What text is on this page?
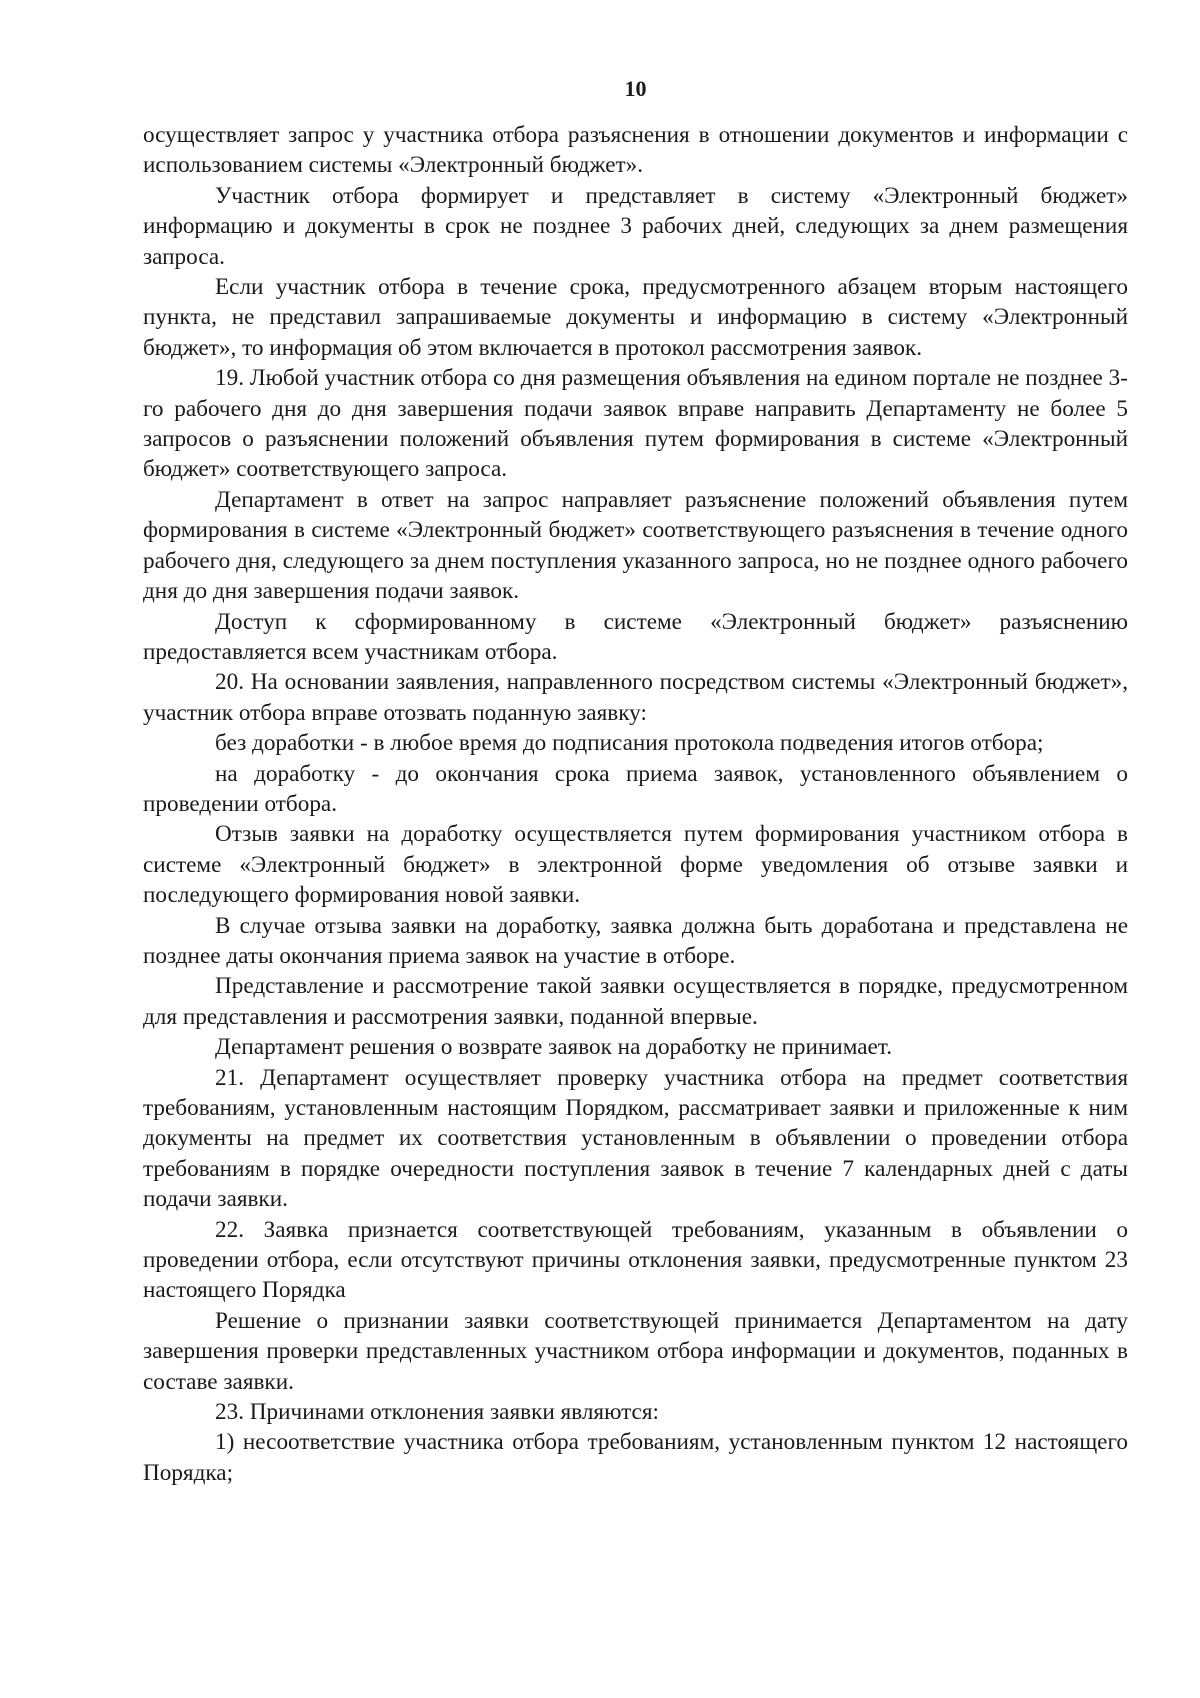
10

осуществляет запрос у участника отбора разъяснения в отношении документов и информации с использованием системы «Электронный бюджет».

Участник отбора формирует и представляет в систему «Электронный бюджет» информацию и документы в срок не позднее 3 рабочих дней, следующих за днем размещения запроса.

Если участник отбора в течение срока, предусмотренного абзацем вторым настоящего пункта, не представил запрашиваемые документы и информацию в систему «Электронный бюджет», то информация об этом включается в протокол рассмотрения заявок.

19. Любой участник отбора со дня размещения объявления на едином портале не позднее 3-го рабочего дня до дня завершения подачи заявок вправе направить Департаменту не более 5 запросов о разъяснении положений объявления путем формирования в системе «Электронный бюджет» соответствующего запроса.

Департамент в ответ на запрос направляет разъяснение положений объявления путем формирования в системе «Электронный бюджет» соответствующего разъяснения в течение одного рабочего дня, следующего за днем поступления указанного запроса, но не позднее одного рабочего дня до дня завершения подачи заявок.

Доступ к сформированному в системе «Электронный бюджет» разъяснению предоставляется всем участникам отбора.

20. На основании заявления, направленного посредством системы «Электронный бюджет», участник отбора вправе отозвать поданную заявку:

без доработки - в любое время до подписания протокола подведения итогов отбора;

на доработку - до окончания срока приема заявок, установленного объявлением о проведении отбора.

Отзыв заявки на доработку осуществляется путем формирования участником отбора в системе «Электронный бюджет» в электронной форме уведомления об отзыве заявки и последующего формирования новой заявки.

В случае отзыва заявки на доработку, заявка должна быть доработана и представлена не позднее даты окончания приема заявок на участие в отборе.

Представление и рассмотрение такой заявки осуществляется в порядке, предусмотренном для представления и рассмотрения заявки, поданной впервые.

Департамент решения о возврате заявок на доработку не принимает.

21. Департамент осуществляет проверку участника отбора на предмет соответствия требованиям, установленным настоящим Порядком, рассматривает заявки и приложенные к ним документы на предмет их соответствия установленным в объявлении о проведении отбора требованиям в порядке очередности поступления заявок в течение 7 календарных дней с даты подачи заявки.

22. Заявка признается соответствующей требованиям, указанным в объявлении о проведении отбора, если отсутствуют причины отклонения заявки, предусмотренные пунктом 23 настоящего Порядка

Решение о признании заявки соответствующей принимается Департаментом на дату завершения проверки представленных участником отбора информации и документов, поданных в составе заявки.

23. Причинами отклонения заявки являются:

1) несоответствие участника отбора требованиям, установленным пунктом 12 настоящего Порядка;
